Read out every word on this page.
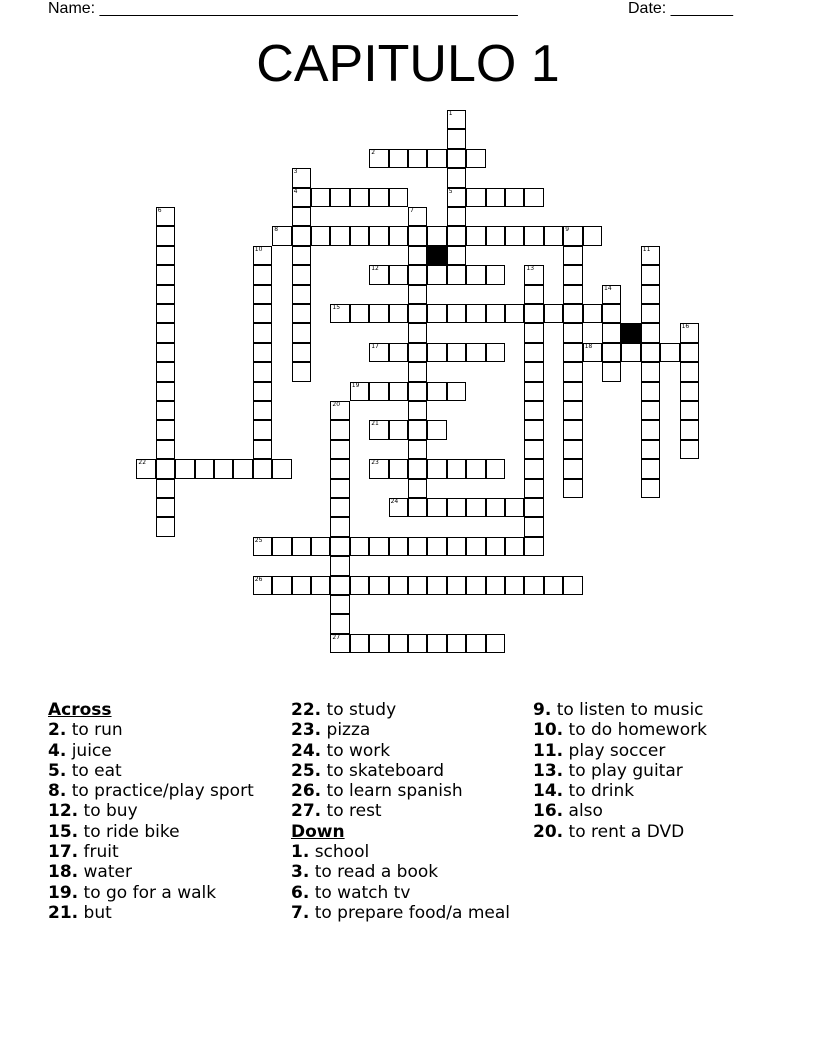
Name: _______________________________________________	Date: _______
CAPITULO 1
2
4	5
8	9
12
15
17	18
19
21
22	23
24
25
26
27
1
3
6	7
10	11
13
14
16
20
Across
2. to run
4. juice
5. to eat
8. to practice/play sport
12. to buy
15. to ride bike
17. fruit
18. water
19. to go for a walk
21. but
22. to study
23. pizza
24. to work
25. to skateboard
26. to learn spanish
27. to rest
Down
1. school
3. to read a book
6. to watch tv
7. to prepare food/a meal
9. to listen to music
10. to do homework
11. play soccer
13. to play guitar
14. to drink
16. also
20. to rent a DVD
